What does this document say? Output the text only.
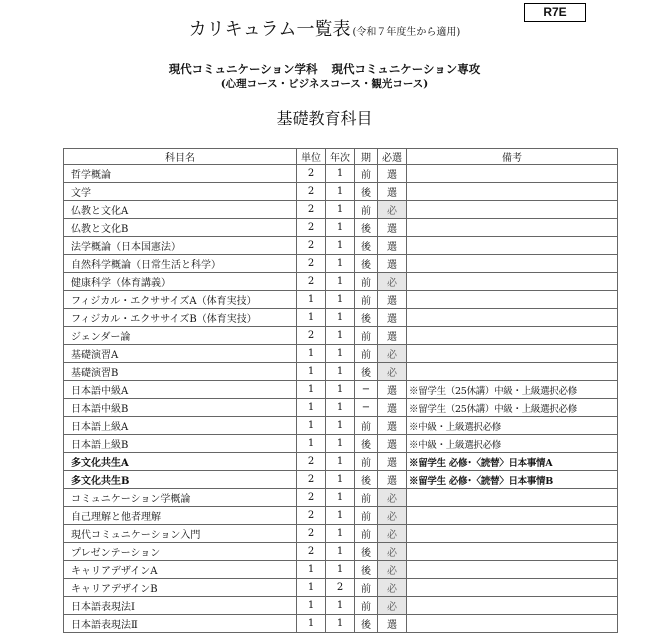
R7E
カリキュラム一覧表 (令和７年度生から適用)
現代コミュニケーション学科 現代コミュニケーション専攻
(心理コース・ビジネスコース・観光コース)
基礎教育科目
科目名	単位	年次	期	必選	備考
哲学概論	2	1	前	選	
文学	2	1	後	選	
仏教と文化A	2	1	前	必	
仏教と文化B	2	1	後	選	
法学概論（日本国憲法）	2	1	後	選	
自然科学概論（日常生活と科学）	2	1	後	選	
健康科学（体育講義）	2	1	前	必	
フィジカル・エクササイズA（体育実技）	1	1	前	選	
フィジカル・エクササイズB（体育実技）	1	1	後	選	
ジェンダー論	2	1	前	選	
基礎演習A	1	1	前	必	
基礎演習B	1	1	後	必	
日本語中級A	1	1	−	選	※留学生（25休講）中級・上級選択必修
日本語中級B	1	1	−	選	※留学生（25休講）中級・上級選択必修
日本語上級A	1	1	前	選	※中級・上級選択必修
日本語上級B	1	1	後	選	※中級・上級選択必修
多文化共生A	2	1	前	選	※留学生 必修･〈読替〉日本事情A
多文化共生B	2	1	後	選	※留学生 必修･〈読替〉日本事情B
コミュニケーション学概論	2	1	前	必	
自己理解と他者理解	2	1	前	必	
現代コミュニケーション入門	2	1	前	必	
プレゼンテーション	2	1	後	必	
キャリアデザインA	1	1	後	必	
キャリアデザインB	1	2	前	必	
日本語表現法Ⅰ	1	1	前	必	
日本語表現法Ⅱ	1	1	後	選	
